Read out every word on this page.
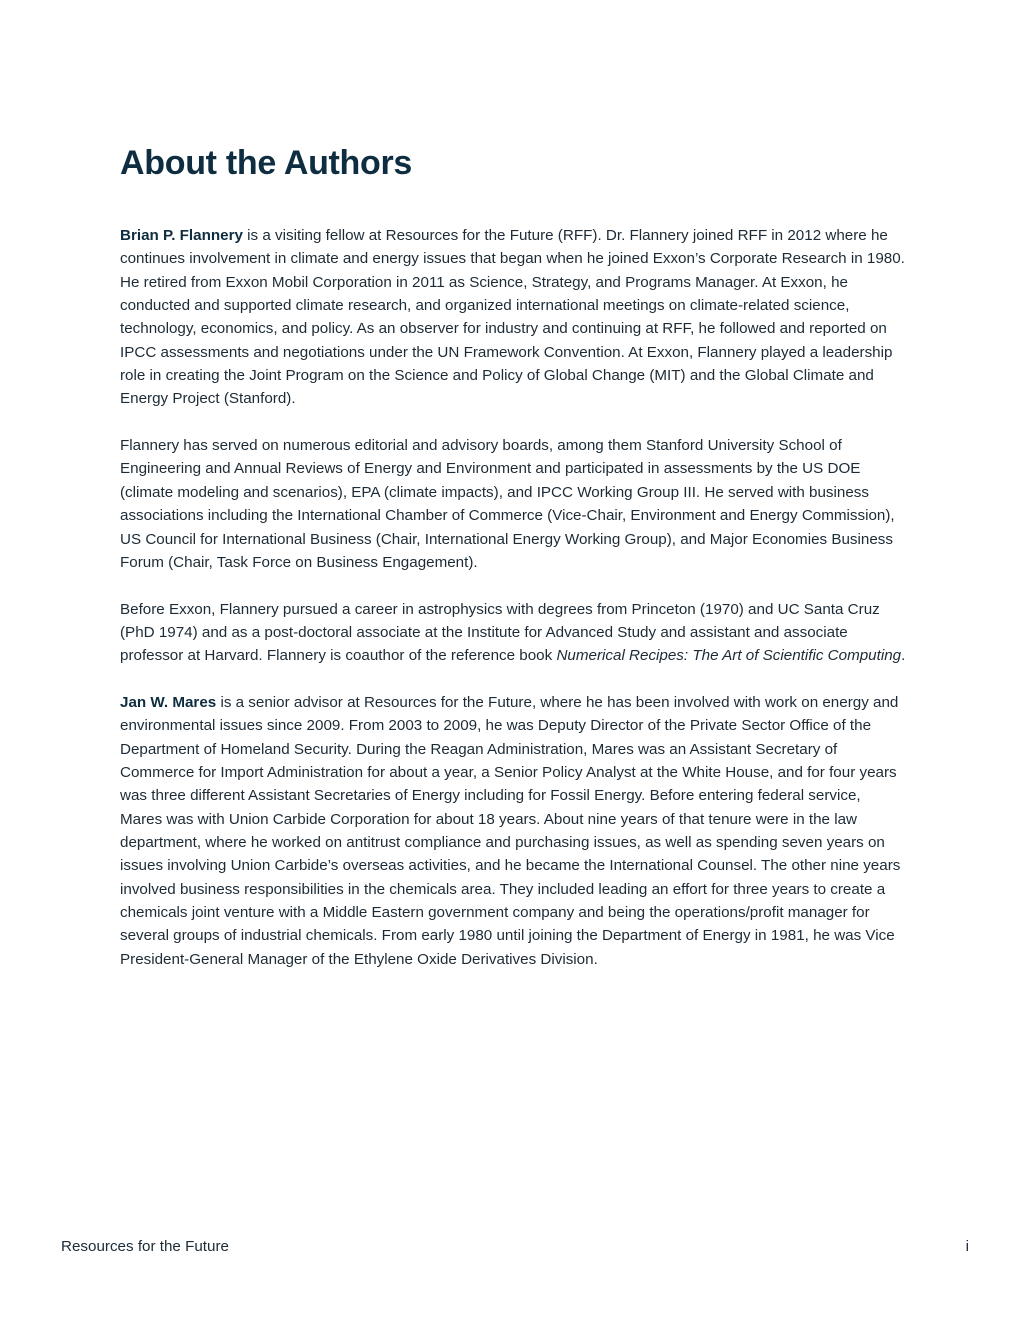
About the Authors

Brian P. Flannery is a visiting fellow at Resources for the Future (RFF). Dr. Flannery joined RFF in 2012 where he continues involvement in climate and energy issues that began when he joined Exxon’s Corporate Research in 1980. He retired from Exxon Mobil Corporation in 2011 as Science, Strategy, and Programs Manager. At Exxon, he conducted and supported climate research, and organized international meetings on climate-related science, technology, economics, and policy. As an observer for industry and continuing at RFF, he followed and reported on IPCC assessments and negotiations under the UN Framework Convention. At Exxon, Flannery played a leadership role in creating the Joint Program on the Science and Policy of Global Change (MIT) and the Global Climate and Energy Project (Stanford).

Flannery has served on numerous editorial and advisory boards, among them Stanford University School of Engineering and Annual Reviews of Energy and Environment and participated in assessments by the US DOE (climate modeling and scenarios), EPA (climate impacts), and IPCC Working Group III. He served with business associations including the International Chamber of Commerce (Vice-Chair, Environment and Energy Commission), US Council for International Business (Chair, International Energy Working Group), and Major Economies Business Forum (Chair, Task Force on Business Engagement).

Before Exxon, Flannery pursued a career in astrophysics with degrees from Princeton (1970) and UC Santa Cruz (PhD 1974) and as a post-doctoral associate at the Institute for Advanced Study and assistant and associate professor at Harvard. Flannery is coauthor of the reference book Numerical Recipes: The Art of Scientific Computing.

Jan W. Mares is a senior advisor at Resources for the Future, where he has been involved with work on energy and environmental issues since 2009. From 2003 to 2009, he was Deputy Director of the Private Sector Office of the Department of Homeland Security. During the Reagan Administration, Mares was an Assistant Secretary of Commerce for Import Administration for about a year, a Senior Policy Analyst at the White House, and for four years was three different Assistant Secretaries of Energy including for Fossil Energy. Before entering federal service, Mares was with Union Carbide Corporation for about 18 years. About nine years of that tenure were in the law department, where he worked on antitrust compliance and purchasing issues, as well as spending seven years on issues involving Union Carbide’s overseas activities, and he became the International Counsel. The other nine years involved business responsibilities in the chemicals area. They included leading an effort for three years to create a chemicals joint venture with a Middle Eastern government company and being the operations/profit manager for several groups of industrial chemicals. From early 1980 until joining the Department of Energy in 1981, he was Vice President-General Manager of the Ethylene Oxide Derivatives Division.

Resources for the Future	i
